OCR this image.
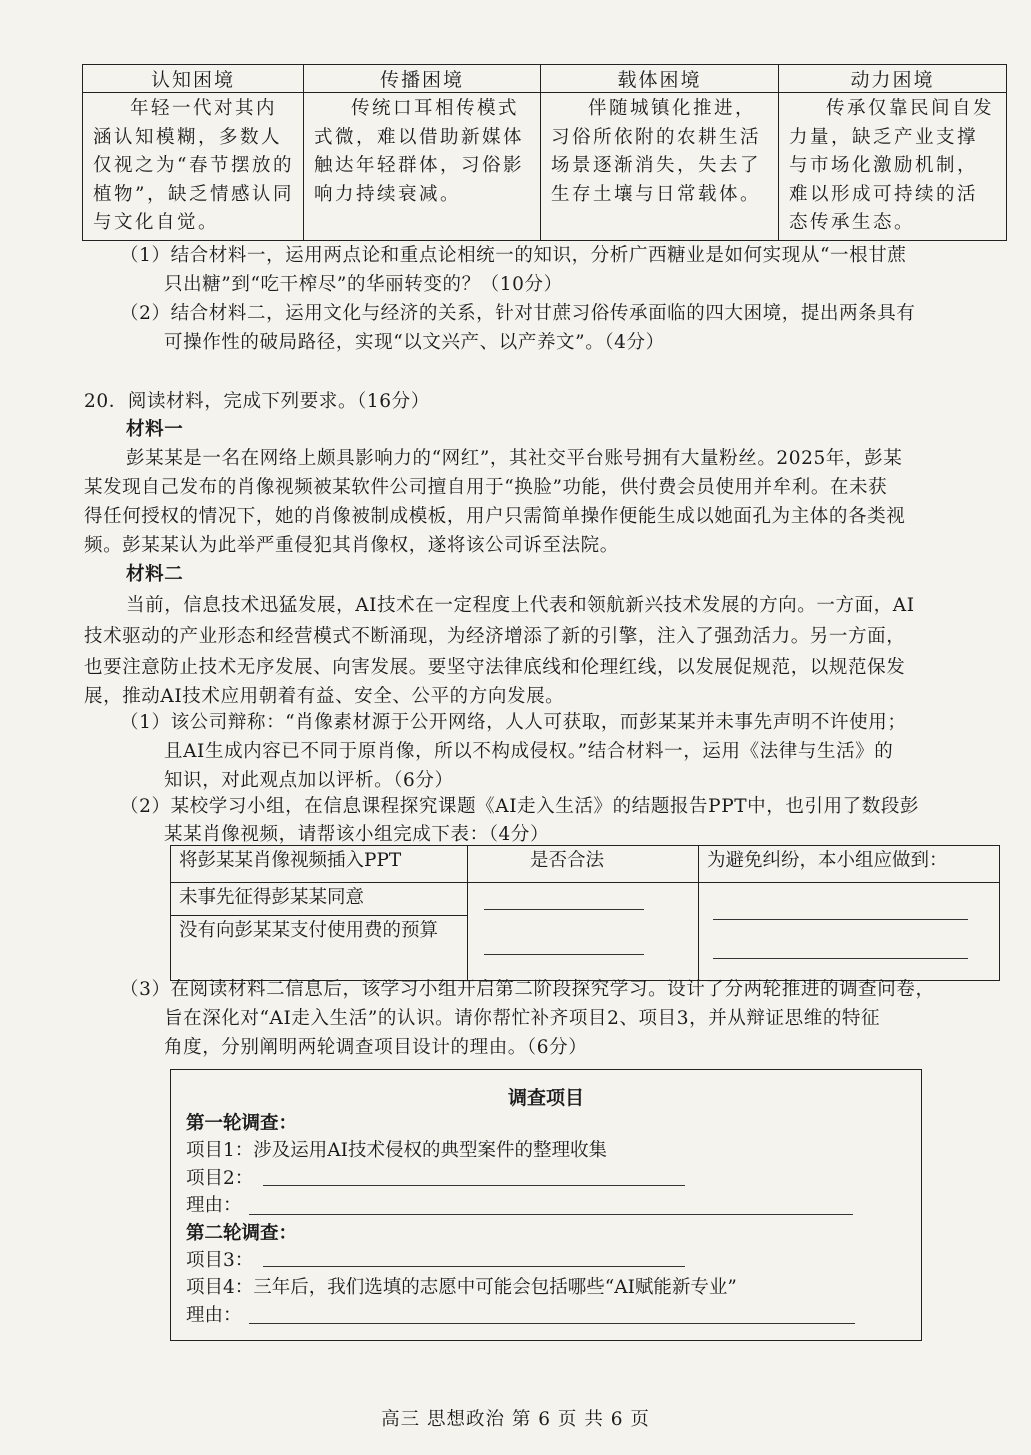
认知困境	传播困境	载体困境	动力困境

年轻一代对其内涵认知模糊，多数人仅视之为“春节摆放的植物”，缺乏情感认同与文化自觉。	传统口耳相传模式式微，难以借助新媒体触达年轻群体，习俗影响力持续衰减。	伴随城镇化推进，习俗所依附的农耕生活场景逐渐消失，失去了生存土壤与日常载体。	传承仅靠民间自发力量，缺乏产业支撑与市场化激励机制，难以形成可持续的活态传承生态。
（1）结合材料一，运用两点论和重点论相统一的知识，分析广西糖业是如何实现从“一根甘蔗
只出糖”到“吃干榨尽”的华丽转变的？（10分）
（2）结合材料二，运用文化与经济的关系，针对甘蔗习俗传承面临的四大困境，提出两条具有
可操作性的破局路径，实现“以文兴产、以产养文”。（4分）
20．阅读材料，完成下列要求。（16分）
材料一
彭某某是一名在网络上颇具影响力的“网红”，其社交平台账号拥有大量粉丝。2025年，彭某
某发现自己发布的肖像视频被某软件公司擅自用于“换脸”功能，供付费会员使用并牟利。在未获
得任何授权的情况下，她的肖像被制成模板，用户只需简单操作便能生成以她面孔为主体的各类视
频。彭某某认为此举严重侵犯其肖像权，遂将该公司诉至法院。
材料二
当前，信息技术迅猛发展，AI技术在一定程度上代表和领航新兴技术发展的方向。一方面，AI
技术驱动的产业形态和经营模式不断涌现，为经济增添了新的引擎，注入了强劲活力。另一方面，
也要注意防止技术无序发展、向害发展。要坚守法律底线和伦理红线，以发展促规范，以规范保发
展，推动AI技术应用朝着有益、安全、公平的方向发展。
（1）该公司辩称：“肖像素材源于公开网络，人人可获取，而彭某某并未事先声明不许使用；
且AI生成内容已不同于原肖像，所以不构成侵权。”结合材料一，运用《法律与生活》的
知识，对此观点加以评析。（6分）
（2）某校学习小组，在信息课程探究课题《AI走入生活》的结题报告PPT中，也引用了数段彭
某某肖像视频，请帮该小组完成下表：（4分）
将彭某某肖像视频插入PPT	是否合法	为避免纠纷，本小组应做到：
未事先征得彭某某同意	

没有向彭某某支付使用费的预算		
（3）在阅读材料二信息后，该学习小组开启第二阶段探究学习。设计了分两轮推进的调查问卷，
旨在深化对“AI走入生活”的认识。请你帮忙补齐项目2、项目3，并从辩证思维的特征
角度，分别阐明两轮调查项目设计的理由。（6分）
调查项目
第一轮调查：
项目1：涉及运用AI技术侵权的典型案件的整理收集
项目2：
理由：
第二轮调查：
项目3：
项目4：三年后，我们选填的志愿中可能会包括哪些“AI赋能新专业”
理由：
高三 思想政治 第 6 页 共 6 页
